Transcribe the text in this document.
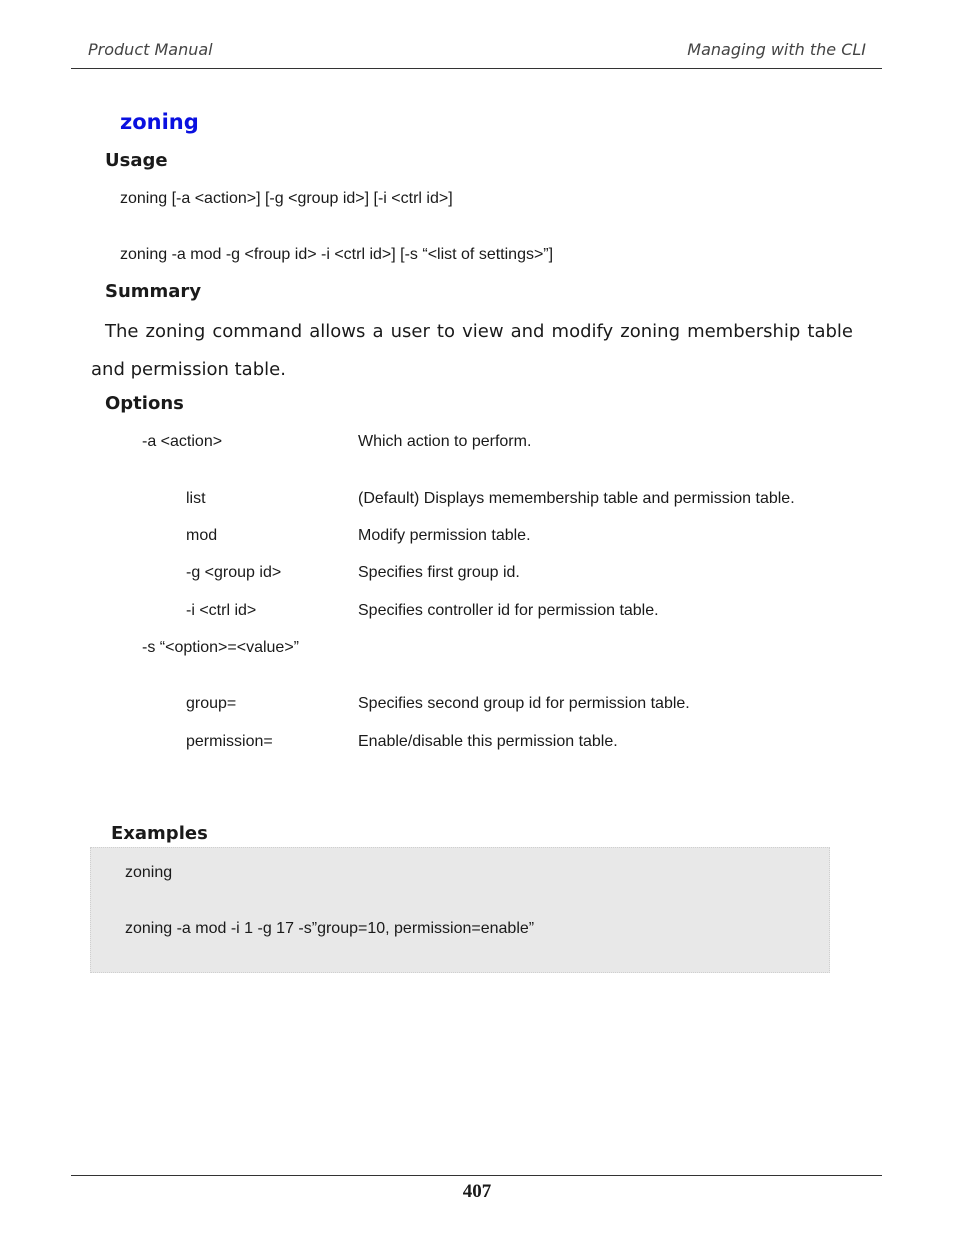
Product Manual	Managing with the CLI
zoning
Usage
zoning [-a <action>] [-g <group id>] [-i <ctrl id>]
zoning -a mod -g <froup id> -i <ctrl id>] [-s “<list of settings>”]
Summary
The zoning command allows a user to view and modify zoning membership table and permission table.
Options
-a <action>	Which action to perform.
list	(Default) Displays memembership table and permission table.
mod	Modify permission table.
-g <group id>	Specifies first group id.
-i <ctrl id>	Specifies controller id for permission table.
-s “<option>=<value>”
group=	Specifies second group id for permission table.
permission=	Enable/disable this permission table.
Examples
zoning
zoning -a mod -i 1 -g 17 -s”group=10, permission=enable”
407
